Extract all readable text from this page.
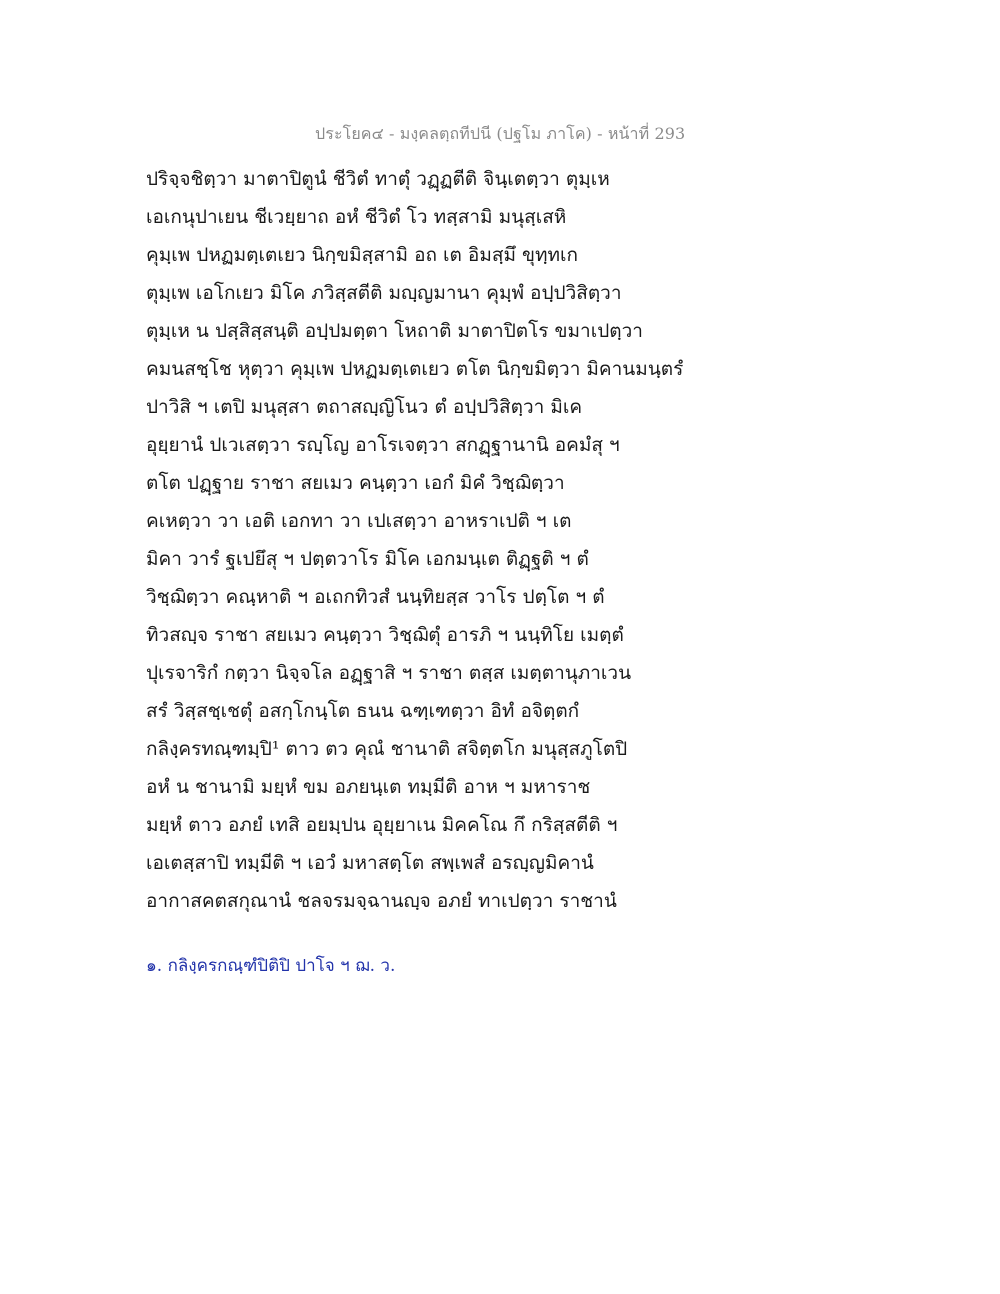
ประโยค๔ - มงฺคลตฺถทีปนี (ปฐโม ภาโค) - หน้าที่ 293
ปริจฺจชิตฺวา มาตาปิตูนํ ชีวิตํ ทาตุํ วฏฺฏตีติ จินฺเตตฺวา ตุมฺเห
เอเกนุปาเยน ชีเวยฺยาถ อหํ ชีวิตํ โว ทสฺสามิ มนุสฺเสหิ
คุมฺเพ ปหฏมตฺเตเยว นิกฺขมิสฺสามิ อถ เต อิมสฺมึ ขุทฺทเก
ตุมฺเพ เอโกเยว มิโค ภวิสฺสตีติ มญฺญมานา คุมฺพํ อปฺปวิสิตฺวา
ตุมฺเห น ปสฺสิสฺสนฺติ อปฺปมตฺตา โหถาติ มาตาปิตโร ขมาเปตฺวา
คมนสชฺโช หุตฺวา คุมฺเพ ปหฏมตฺเตเยว ตโต นิกฺขมิตฺวา มิคานมนฺตรํ
ปาวิสิ ฯ เตปิ มนุสฺสา ตถาสญฺญิโนว ตํ อปฺปวิสิตฺวา มิเค
อุยฺยานํ ปเวเสตฺวา รญฺโญ อาโรเจตฺวา สกฏฺฐานานิ อคมํสุ ฯ
ตโต ปฏฺฐาย ราชา สยเมว คนฺตฺวา เอกํ มิคํ วิชฺฌิตฺวา
คเหตฺวา วา เอติ เอกทา วา เปเสตฺวา อาหราเปติ ฯ เต
มิคา วารํ ฐเปยึสุ ฯ ปตฺตวาโร มิโค เอกมนฺเต ติฏฺฐติ ฯ ตํ
วิชฺฌิตฺวา คณฺหาติ ฯ อเถกทิวสํ นนฺทิยสฺส วาโร ปตฺโต ฯ ตํ
ทิวสญฺจ ราชา สยเมว คนฺตฺวา วิชฺฌิตุํ อารภิ ฯ นนฺทิโย เมตฺตํ
ปุเรจาริกํ กตฺวา นิจฺจโล อฏฺฐาสิ ฯ ราชา ตสฺส เมตฺตานุภาเวน
สรํ วิสฺสชฺเชตุํ อสกฺโกนฺโต ธนน ฉฑฺเฑตฺวา อิทํ อจิตฺตกํ
กลิงฺครทณฺฑมฺปิ¹ ตาว ตว คุณํ ชานาติ สจิตฺตโก มนุสฺสภูโตปิ
อหํ น ชานามิ มยฺหํ ขม อภยนฺเต ทมฺมีติ อาห ฯ มหาราช
มยฺหํ ตาว อภยํ เทสิ อยมฺปน อุยฺยาเน มิคคโณ กึ กริสฺสตีติ ฯ
เอเตสฺสาปิ ทมฺมีติ ฯ เอวํ มหาสตฺโต สพฺเพสํ อรญฺญมิคานํ
อากาสคตสกุณานํ ชลจรมจฺฉานญฺจ อภยํ ทาเปตฺวา ราชานํ
๑. กลิงฺครกณฺฑํปิติปิ ปาโจ ฯ ฌ. ว.
